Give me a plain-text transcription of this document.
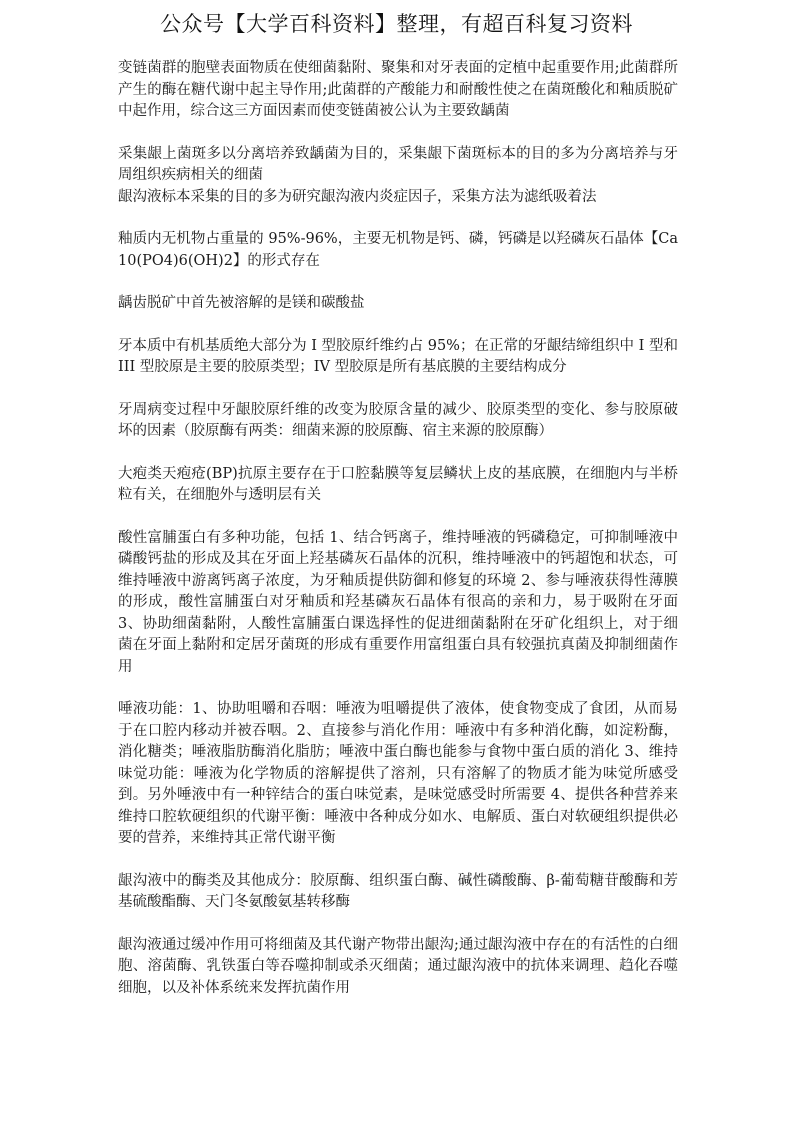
公众号【大学百科资料】整理，有超百科复习资料

变链菌群的胞壁表面物质在使细菌黏附、聚集和对牙表面的定植中起重要作用;此菌群所产生的酶在糖代谢中起主导作用;此菌群的产酸能力和耐酸性使之在菌斑酸化和釉质脱矿中起作用，综合这三方面因素而使变链菌被公认为主要致龋菌

采集龈上菌斑多以分离培养致龋菌为目的，采集龈下菌斑标本的目的多为分离培养与牙周组织疾病相关的细菌

龈沟液标本采集的目的多为研究龈沟液内炎症因子，采集方法为滤纸吸着法

釉质内无机物占重量的 95%-96%，主要无机物是钙、磷，钙磷是以羟磷灰石晶体【Ca10(PO4)6(OH)2】的形式存在

龋齿脱矿中首先被溶解的是镁和碳酸盐

牙本质中有机基质绝大部分为 I 型胶原纤维约占 95%；在正常的牙龈结缔组织中 I 型和 III 型胶原是主要的胶原类型；IV 型胶原是所有基底膜的主要结构成分

牙周病变过程中牙龈胶原纤维的改变为胶原含量的减少、胶原类型的变化、参与胶原破坏的因素（胶原酶有两类：细菌来源的胶原酶、宿主来源的胶原酶）

大疱类天疱疮(BP)抗原主要存在于口腔黏膜等复层鳞状上皮的基底膜，在细胞内与半桥粒有关，在细胞外与透明层有关

酸性富脯蛋白有多种功能，包括 1、结合钙离子，维持唾液的钙磷稳定，可抑制唾液中磷酸钙盐的形成及其在牙面上羟基磷灰石晶体的沉积，维持唾液中的钙超饱和状态，可维持唾液中游离钙离子浓度，为牙釉质提供防御和修复的环境 2、参与唾液获得性薄膜的形成，酸性富脯蛋白对牙釉质和羟基磷灰石晶体有很高的亲和力，易于吸附在牙面 3、协助细菌黏附，人酸性富脯蛋白课选择性的促进细菌黏附在牙矿化组织上，对于细菌在牙面上黏附和定居牙菌斑的形成有重要作用富组蛋白具有较强抗真菌及抑制细菌作用

唾液功能：1、协助咀嚼和吞咽：唾液为咀嚼提供了液体，使食物变成了食团，从而易于在口腔内移动并被吞咽。2、直接参与消化作用：唾液中有多种消化酶，如淀粉酶，消化糖类；唾液脂肪酶消化脂肪；唾液中蛋白酶也能参与食物中蛋白质的消化 3、维持味觉功能：唾液为化学物质的溶解提供了溶剂，只有溶解了的物质才能为味觉所感受到。另外唾液中有一种锌结合的蛋白味觉素，是味觉感受时所需要 4、提供各种营养来维持口腔软硬组织的代谢平衡：唾液中各种成分如水、电解质、蛋白对软硬组织提供必要的营养，来维持其正常代谢平衡

龈沟液中的酶类及其他成分：胶原酶、组织蛋白酶、碱性磷酸酶、β-葡萄糖苷酸酶和芳基硫酸酯酶、天门冬氨酸氨基转移酶

龈沟液通过缓冲作用可将细菌及其代谢产物带出龈沟;通过龈沟液中存在的有活性的白细胞、溶菌酶、乳铁蛋白等吞噬抑制或杀灭细菌；通过龈沟液中的抗体来调理、趋化吞噬细胞，以及补体系统来发挥抗菌作用
